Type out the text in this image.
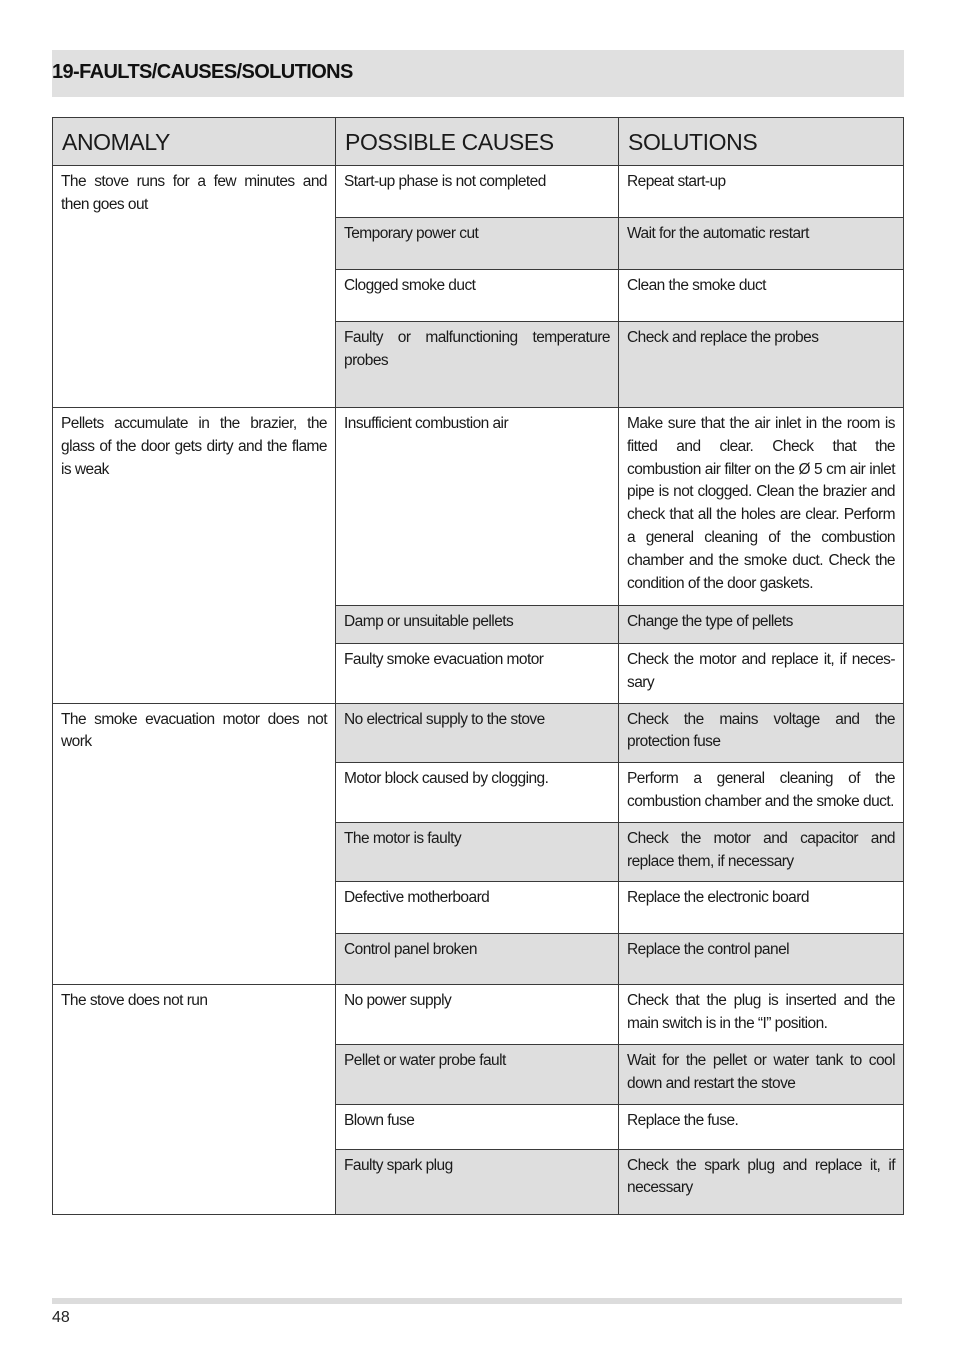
19-FAULTS/CAUSES/SOLUTIONS
ANOMALY	POSSIBLE CAUSES	SOLUTIONS
The stove runs for a few minutes and then goes out	Start-up phase is not completed	Repeat start-up
	Temporary power cut	Wait for the automatic restart
	Clogged smoke duct	Clean the smoke duct
	Faulty or malfunctioning temperature probes	Check and replace the probes
Pellets accumulate in the brazier, the glass of the door gets dirty and the flame is weak	Insufficient combustion air	Make sure that the air inlet in the room is fitted and clear. Check that the combustion air filter on the Ø 5 cm air inlet pipe is not clogged. Clean the brazier and check that all the holes are clear. Perform a general cleaning of the combustion chamber and the smoke duct. Check the condition of the door gaskets.
	Damp or unsuitable pellets	Change the type of pellets
	Faulty smoke evacuation motor	Check the motor and replace it, if neces-sary
The smoke evacuation motor does not work	No electrical supply to the stove	Check the mains voltage and the protection fuse
	Motor block caused by clogging.	Perform a general cleaning of the combustion chamber and the smoke duct.
	The motor is faulty	Check the motor and capacitor and replace them, if necessary
	Defective motherboard	Replace the electronic board
	Control panel broken	Replace the control panel
The stove does not run	No power supply	Check that the plug is inserted and the main switch is in the “I” position.
	Pellet or water probe fault	Wait for the pellet or water tank to cool down and restart the stove
	Blown fuse	Replace the fuse.
	Faulty spark plug	Check the spark plug and replace it, if necessary
48
